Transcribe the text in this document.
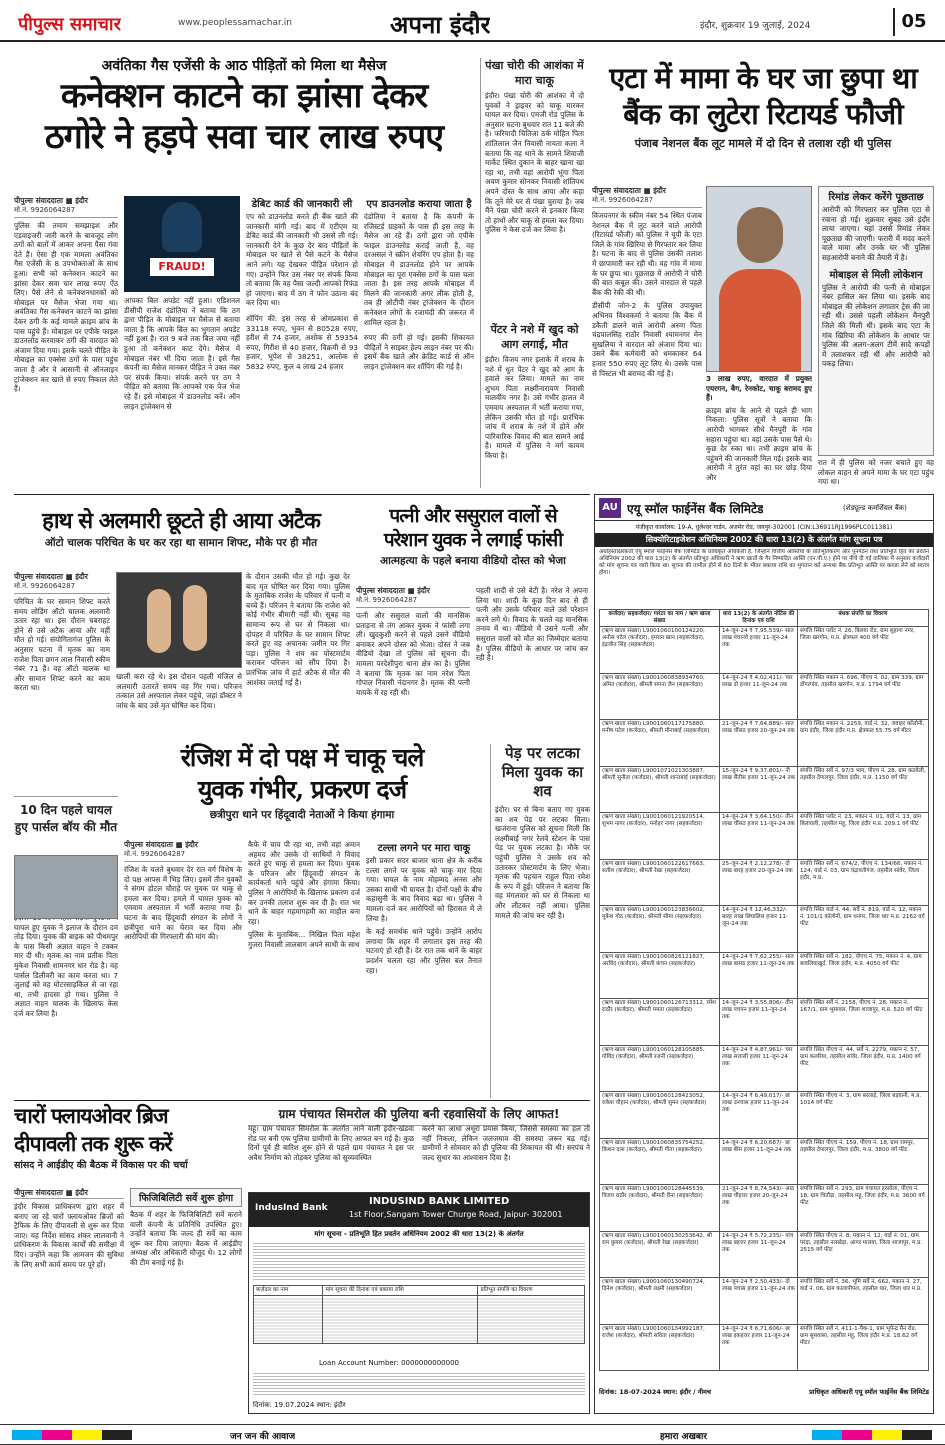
पीपुल्स समाचार	www.peoplessamachar.in	अपना इंदौर	इंदौर, शुक्रवार 19 जुलाई, 2024	05
अवंतिका गैस एजेंसी के आठ पीड़ितों को मिला था मैसेज
कनेक्शन काटने का झांसा देकर
ठगोरे ने हड़पे सवा चार लाख रुपए
पीपुल्स संवाददाता ■ इंदौर
मो.नं. 9926064287
पुलिस की तमाम समझाइश और एडवाइजरी जारी करने के बावजूद लोग ठगों को बातों में आकर अपना पैसा गंवा देते हैं। ऐसा ही एक मामला अवंतिका गैस एजेंसी के 8 उपभोक्ताओं के साथ हुआ। सभी को कनेक्शन काटने का झांसा देकर सवा चार लाख रुपए ऐंठ लिए। पैसे लेने से कनेक्शनधारकों को मोबाइल पर मैसेज भेजा गया था। अवंतिका गैस कनेक्शन काटने का झांसा देकर ठगी के कई मामले क्राइम ब्रांच के पास पहुंचे हैं। मोबाइल पर एपीके फाइल डाउनलोड करवाकर ठगी की वारदात को अंजाम दिया गया। इसके चलते पीड़ित के मोबाइल का एक्सेस ठगों के पास पहुंच जाता है और वे आसानी से ऑनलाइन ट्रांजेक्शन कर खाते से रुपए निकाल लेते हैं।
FRAUD!
आपका बिल अपडेट नहीं हुआ। एडिशनल डीसीपी राजेश दंडोतिया ने बताया कि ठग द्वारा पीड़ित के मोबाइल पर मैसेज से बताया जाता है कि आपके बिल का भुगतान अपडेट नहीं हुआ है। रात 9 बजे तक बिल जमा नहीं हुआ तो कनेक्शन काट देंगे। मैसेज में मोबाइल नंबर भी दिया जाता है। इसे गैस कंपनी का मैसेज मानकर पीड़ित ने उक्त नंबर पर संपर्क किया। संपर्क करने पर ठग ने पीड़ित को बताया कि आपको एक पेज भेज रहे हैं। इसे मोबाइल में डाउनलोड करें। ऑन लाइन ट्रांजेक्शन से
डेबिट कार्ड की जानकारी ली
एप को डाउनलोड करते ही बैंक खाते की जानकारी मांगी गई। बाद में एटीएम या डेबिट कार्ड की जानकारी भी उससे ली गई। जानकारी देने के कुछ देर बाद पीड़ितों के मोबाइल पर खाते से पैसे कटने के मैसेज आने लगे। यह देखकर पीड़ित परेशान हो गए। उन्होंने फिर उस नंबर पर संपर्क किया तो बताया कि वह पैसा जल्दी आपको रिफंड हो जाएगा। बाद में ठग ने फोन उठाना बंद कर दिया था।
शॉपिंग की: इस तरह से ओमप्रकाश से 33118 रुपए, भुवन से 80528 रुपए, हरीश से 74 हजार, अशोक से 59354 रुपए, गिरीश से 40 हजार, विक्रमी से 93 हजार, भूपेश से 38251, आलोक से 5832 रुपए, कुल 4 लाख 24 हजार
एप डाउनलोड कराया जाता है
दंडोतिया ने बताया है कि कंपनी के रजिस्टर्ड ग्राहकों के पास ही इस तरह के मैसेज आ रहे हैं। ठगों द्वारा जो एपीके फाइल डाउनलोड कराई जाती है, वह दरअसल ने स्क्रीन शेयरिंग एप होता है। वह मोबाइल में डाउनलोड होने पर आपके मोबाइल का पूरा एक्सेस ठगों के पास चला जाता है। इस तरह आपके मोबाइल में मिलने की जानकारी अगर लीक होती है, तब ही ओटीपी नंबर ट्रांजेक्शन के दौरान कनेक्शन लोगों के रजामंदी की जरूरत में शामिल रहता है।
रुपए की ठगी हो गई। इसकी शिकायत पीड़ितों ने साइबर हेल्प लाइन नंबर पर की। इसमें बैंक खाते और क्रेडिट कार्ड से ऑन लाइन ट्रांजेक्शन कर शॉपिंग की गई है।
पंखा चोरी की आशंका में मारा चाकू
इंदौर। पंखा चोरी की आशंका में दो युवकों ने ड्राइवर को चाकू मारकर घायल कर दिया। एमजी रोड पुलिस के अनुसार घटना बुधवार रात 11 बजे की है। फरियादी चितिजा ठर्क मोहित पिता शांतिलाल जैन निवासी नायता कला ने बताया कि वह थाने के सामने शिवाजी मार्केट स्थित दुकान के बाहर खाना खा रहा था, तभी वहां आरोपी भूंगा पिता अवण कुमार सोनकर निवासी शांतिपथ अपने दोस्त के साथ आया और कहा कि तूने मेरे घर से पंखा चुराया है। जब मैंने पंखा चोरी करने से इनकार किया तो हाथों और चाकू से हमला कर दिया। पुलिस ने केस दर्ज कर लिया है।
पेंटर ने नशे में खुद को आग लगाई, मौत
इंदौर। विजय नगर इलाके में शराब के नशे में धुत पेंटर ने खुद को आग के हवाले कर लिया। मामले का नाम शुभम पिता लक्ष्मीनारायण निवासी मालवीय नगर है। उसे गंभीर हालत में एमवाय अस्पताल में भर्ती कराया गया, लेकिन उसकी मौत हो गई। प्रारंभिक जांच में शराब के नशे में होने और पारिवारिक विवाद की बात सामने आई है। मामले में पुलिस ने मर्ग कायम किया है।
एटा में मामा के घर जा छुपा था
बैंक का लुटेरा रिटायर्ड फौजी
पंजाब नेशनल बैंक लूट मामले में दो दिन से तलाश रही थी पुलिस
पीपुल्स संवाददाता ■ इंदौर
मो.नं. 9926064287
विजयनगर के स्कीम नंबर 54 स्थित पंजाब नेशनल बैंक में लूट करने वाले आरोपी (रिटायर्ड फौजी) को पुलिस ने यूपी के एटा जिले के गांव खिरिया से गिरफ्तार कर लिया है। घटना के बाद से पुलिस उसकी तलाश में छापामारी कर रही थी। वह गांव में मामा के घर छुपा था। पूछताछ में आरोपी ने चोरी की बात कबूल की। उसने वारदात से पहले बैंक की रेकी की थी।
डीसीपी जोन-2 के पुलिस उपायुक्त अभिनय विश्वकर्मा ने बताया कि बैंक में डकैती डालने वाले आरोपी अरुण पिता चंद्रपालसिंह राठौर निवासी श्यामनगर मेन सुखलिया ने वारदात को अंजाम दिया था। उसने बैंक कर्मचारी को धमकाकर 64 हजार 550 रुपए लूट लिए थे। उसके पास से पिस्टल भी बरामद की गई है।
3 लाख रुपए, वारदात में प्रयुक्त एयरगन, बैग, रेनकोट, चाकू बरामद हुए हैं।
क्राइम ब्रांच के आने से पहले ही भाग निकला: पुलिस सूत्रों ने बताया कि आरोपी भागकर सीधे मैनपुरी के गांव सहारा पहुंचा था। वहां उसके पास पैसे थे। कुछ देर रुका था। तभी क्राइम ब्रांच के पहुंचने की जानकारी मिल गई। इसके बाद आरोपी ने तुरंत वहां का घर छोड़ दिया और
रिमांड लेकर करेंगे पूछताछ
आरोपी को गिरफ्तार कर पुलिस एटा से रवाना हो गई। शुक्रवार सुबह उसे इंदौर लाया जाएगा। यहां उससे रिमांड लेकर पूछताछ की जाएगी। फरारी में मदद करने वाले मामा और उनके घर भी पुलिस सहआरोपी बनाने की तैयारी में है।
मोबाइल से मिली लोकेशन
पुलिस ने आरोपी की पत्नी से मोबाइल नंबर हासिल कर लिया था। इसके बाद मोबाइल की लोकेशन लगातार ट्रेस की जा रही थी। उससे पहली लोकेशन मैनपुरी जिले की मिली थी। इसके बाद एटा के गांव खिरिया की लोकेशन के आधार पर पुलिस की अलग-अलग टीमें सादे कपड़ों में तलाशकर रही थीं और आरोपी को पकड़ लिया।
रात में ही पुलिस को नजर बचाते हुए वह लोकल वाहन से अपने मामा के घर एटा पहुंच गया था।
हाथ से अलमारी छूटते ही आया अटैक
ऑटो चालक परिचित के घर कर रहा था सामान शिफ्ट, मौके पर ही मौत
पीपुल्स संवाददाता ■ इंदौर
मो.नं. 9926064287
परिचित के घर सामान शिफ्ट करते समय लोडिंग ऑटो चालक अलमारी उतार रहा था। इस दौरान घबराहट होने से उसे अटैक आया और वहीं मौत हो गई। संयोगितागंज पुलिस के अनुसार घटना में मृतक का नाम राजेश पिता छगन लाल निवासी स्कीम नंबर 71 है। वह ऑटो चालक था और सामान शिफ्ट करने का काम करता था।
खाली करा रहे थे। इस दौरान पहली मंजिल से अलमारी उतारते समय वह गिर गया। परिजन तत्काल उसे अस्पताल लेकर पहुंचे, जहां डॉक्टर ने जांच के बाद उसे मृत घोषित कर दिया।
के दौरान उसकी मौत हो गई। कुछ देर बाद मृत घोषित कर दिया गया। पुलिस के मुताबिक राजेश के परिवार में पत्नी व बच्चे हैं। परिजन ने बताया कि राजेश को कोई गंभीर बीमारी नहीं थी। सुबह वह सामान्य रूप से घर से निकला था। दोपहर में परिचित के घर सामान शिफ्ट करते हुए वह अचानक जमीन पर गिर पड़ा। पुलिस ने शव का पोस्टमार्टम कराकर परिजन को सौंप दिया है। प्रारंभिक जांच में हार्ट अटैक से मौत की आशंका जताई गई है।
10 दिन पहले घायल हुए पार्सल बॉय की मौत
घायल हुए युवक ने इलाज के दौरान दम तोड़ दिया। युवक की बाइक को पीथमपुर के पास किसी अज्ञात वाहन ने टक्कर मार दी थी। मृतक का नाम प्रतीक पिता मुकेश निवासी शामनगर धार रोड है। वह पार्सल डिलीवरी का काम करता था। 7 जुलाई को वह मोटरसाइकिल से जा रहा था, तभी हादसा हो गया। पुलिस ने अज्ञात वाहन चालक के खिलाफ केस दर्ज कर लिया है।
पत्नी और ससुराल वालों से
परेशान युवक ने लगाई फांसी
आत्महत्या के पहले बनाया वीडियो दोस्त को भेजा
पीपुल्स संवाददाता ■ इंदौर
मो.नं. 9926064287
पत्नी और ससुराल वालों की मानसिक प्रताड़ना से तंग आकर युवक ने फांसी लगा ली। खुदकुशी करने से पहले उसने वीडियो बनाकर अपने दोस्त को भेजा। दोस्त ने जब वीडियो देखा तो पुलिस को सूचना दी। मामला परदेशीपुरा थाना क्षेत्र का है। पुलिस ने बताया कि मृतक का नाम नरेश पिता गोपाल निवासी नंदानगर है। मृतक की पत्नी मायके में रह रही थी।
पहली शादी से उसे बेटी है। नरेश ने अपना लिया था। शादी के कुछ दिन बाद से ही पत्नी और उसके परिवार वाले उसे परेशान करने लगे थे। विवाद के चलते वह मानसिक तनाव में था। वीडियो में उसने पत्नी और ससुराल वालों को मौत का जिम्मेदार बताया है। पुलिस वीडियो के आधार पर जांच कर रही है।
रंजिश में दो पक्ष में चाकू चले
युवक गंभीर, प्रकरण दर्ज
छत्रीपुरा थाने पर हिंदूवादी नेताओं ने किया हंगामा
पीपुल्स संवाददाता ■ इंदौर
मो.नं. 9926064287
रंजिश के चलते बुधवार देर रात वर्ग विशेष के दो पक्ष आपस में भिड़ लिए। इसमें तीन युवकों ने संगम होटल चौराहे पर युवक पर चाकू से हमला कर दिया। हमले में घायल युवक को एमवाय अस्पताल में भर्ती कराया गया है। घटना के बाद हिंदूवादी संगठन के लोगों ने छत्रीपुरा थाने का घेराव कर दिया और आरोपियों की गिरफ्तारी की मांग की।
कैफे में चाय पी रहा था, तभी वहां अमान अहमद और उसके दो साथियों ने विवाद करते हुए चाकू से हमला कर दिया। युवक के परिजन और हिंदूवादी संगठन के कार्यकर्ता थाने पहुंचे और हंगामा किया। पुलिस ने आरोपियों के खिलाफ प्रकरण दर्ज कर उनकी तलाश शुरू कर दी है। रात भर थाने के बाहर गहमागहमी का माहौल बना रहा।
पुलिस के मुताबिक... निखिल पिता महेश गुजरा निवासी लालबाग अपने साथी के साथ
टल्ला लगने पर मारा चाकू
इसी प्रकार सदर बाजार थाना क्षेत्र के करीब टल्ला लगने पर युवक को चाकू मार दिया गया। घायल के नाम मोहम्मद अनस और उसका साथी भी घायल है। दोनों पक्षों के बीच कहासुनी के बाद विवाद बढ़ा था। पुलिस ने मामला दर्ज कर आरोपियों को हिरासत में ले लिया है।
के कई समर्थक थाने पहुंचे। उन्होंने आरोप लगाया कि शहर में लगातार इस तरह की घटनाएं हो रही हैं। देर रात तक थाने के बाहर प्रदर्शन चलता रहा और पुलिस बल तैनात रहा।
पेड़ पर लटका मिला युवक का शव
इंदौर। घर से बिना बताए गए युवक का शव पेड़ पर लटका मिला। खजराना पुलिस को सूचना मिली कि लक्ष्मीबाई नगर रेलवे स्टेशन के पास पेड़ पर युवक लटका है। मौके पर पहुंची पुलिस ने उसके शव को उतारकर पोस्टमार्टम के लिए भेजा। मृतक की पहचान राहुल पिता रमेश के रूप में हुई। परिजन ने बताया कि वह मंगलवार को घर से निकला था और लौटकर नहीं आया। पुलिस मामले की जांच कर रही है।
चारों फ्लायओवर ब्रिज
दीपावली तक शुरू करें
सांसद ने आईडीए की बैठक में विकास पर की चर्चा
पीपुल्स संवाददाता ■ इंदौर
इंदौर विकास प्राधिकरण द्वारा शहर में बनाए जा रहे चारों फ्लायओवर ब्रिजों को ट्रैफिक के लिए दीपावली से शुरू कर दिया जाए। यह निर्देश सांसद शंकर लालवानी ने प्राधिकरण के विकास कार्यों की समीक्षा में दिए। उन्होंने कहा कि आमजन की सुविधा के लिए सभी कार्य समय पर पूरे हों।
फिजिबिलिटी सर्वे शुरू होगा
बैठक में शहर के फिजिबिलिटी सर्वे कराने वाली कंपनी के प्रतिनिधि उपस्थित हुए। उन्होंने बताया कि जल्द ही सर्वे का काम शुरू कर दिया जाएगा। बैठक में आईडीए अध्यक्ष और अधिकारी मौजूद थे। 12 लोगों की टीम बनाई गई है।
ग्राम पंचायत सिमरोल की पुलिया बनी रहवासियों के लिए आफत!
महू। ग्राम पंचायत सिमरोल के अंतर्गत आने वाली इंदौर-खंडवा रोड पर बनी एक पुलिया ग्रामीणों के लिए आफत बन गई है। कुछ दिनों पूर्व ही बारिश शुरू होने से पहले ग्राम पंचायत ने इस पर अवैध निर्माण को तोड़कर पुलिया को सुव्यवस्थित
करने का आधा अधूरा प्रयास किया, जिससे समस्या का हल तो नहीं निकला, लेकिन जलजमाव की समस्या जरूर बढ़ गई। ग्रामीणों ने सोमवार को ही पुलिया की शिकायत की थी। सरपंच ने जल्द सुधार का आश्वासन दिया है।
IndusInd Bank
INDUSIND BANK LIMITED
1st Floor,Sangam Tower Churge Road, Jaipur- 302001
मांग सूचना - प्रतिभूति हित प्रवर्तन अधिनियम 2002 की धारा 13(2) के अंतर्गत
कर्ज़दार का नाम	मांग सूचना की दिनांक एवं बकाया राशि	प्रतिभूत संपत्ति का विवरण

Loan Account Number: 0000000000000
दिनांक: 19.07.2024 स्थान: इंदौर
AU एयू स्मॉल फाईनेंस बैंक लिमिटेड	(शेड्यूल्ड कमर्शियल बैंक)
पंजीकृत कार्यालय: 19-A, धुलेश्वर गार्डन, अजमेर रोड, जयपुर-302001 (CIN:L36911RJ1996PLC011381)
सिक्योरिटाइजेशन अधिनियम 2002 की धारा 13(2) के अंतर्गत मांग सूचना पत्र
अधोहस्ताक्षरकर्ता एयू स्मॉल फाईनेंस बैंक लिमिटेड के प्राधिकृत अधिकारी है, जिन्होंने वित्तीय आस्तियों के प्रतिभूतिकरण और पुनर्गठन तथा प्रतिभूति हित का प्रवर्तन अधिनियम 2002 की धारा 13(2) के अंतर्गत प्रतिभूत अधिकारी ने ऋण खातों के गैर निष्पादित आस्ति (एन.पी.ए.) होने पर नीचे दी गई तालिका में अनुसार कर्जदारों को मांग सूचना पत्र जारी किया था। सूचना की तामील होने से 60 दिनों के भीतर बकाया राशि का भुगतान करें अन्यथा बैंक प्रतिभूत आस्ति पर कब्जा लेने को स्वतंत्र होगा।
कर्जदार/ सहकर्जदार/ गारंटर का नाम / ऋण खाता संख्या	धारा 13(2) के अंतर्गत नोटिस की दिनांक एवं राशि	बंधक संपत्ति का विवरण
(ऋण खाता संख्या) L9001060100124220, अनीस पटेल (कर्जदार), इमरान खान (सहकर्जदार), इंद्रजीत सिंह (सहकर्जदार)	14-जून-24 ₹ 7,95,539/- सात लाख पंचानवे हजार 11-जून-24 तक	संपत्ति स्थित प्लॉट नं. 26, बिलवा रोड, ग्राम सुहागा नगर, जिला खरगोन, म.प्र. क्षेत्रफल 400 वर्ग फीट
(ऋण खाता संख्या) L9001060838934760, अमित (कर्जदार), श्रीमती सपना जैन (सहकर्जदार)	14-जून-24 ₹ 4,02,411/- चार लाख दो हजार 11-जून-24 तक	संपत्ति स्थित मकान नं. 696, पीएच नं. 02, ग्राम 339, ग्राम डोंगरगांव, तहसील खरगोन, म.प्र. 1794 वर्ग फीट
(ऋण खाता संख्या) L9001060117175880, मनीष पटेल (कर्जदार), श्रीमती मीनाबाई (सहकर्जदार)	21-जून-24 ₹ 7,64,889/- सात लाख चौंसठ हजार 20-जून-24 तक	संपत्ति स्थित मकान नं. 2259, वार्ड नं. 32, जवाहर कॉलोनी, ग्राम इंदौर, जिला इंदौर म.प्र. क्षेत्रफल 55.75 वर्ग मीटर
(ऋण खाता संख्या) L9001071021303887, श्रीमती सुनीता (कर्जदार), श्रीमती शान्तबाई (सहकर्जदार)	15-जून-24 ₹ 9,37,801/- नौ लाख सैंतीस हजार 11-जून-24 तक	संपत्ति स्थित सर्वे नं. 97/3 भाग, पीएच नं. 28, ग्राम कठवेली, तहसील देपालपुर, जिला इंदौर, म.प्र. 1150 वर्ग फीट
(ऋण खाता संख्या) L9001060121920514, शुभम नागर (कर्जदार), मनोहर नागर (सहकर्जदार)	14-जून-24 ₹ 3,64,150/- तीन लाख चौंसठ हजार 11-जून-24 तक	संपत्ति स्थित प्लॉट नं. 23, मकान नं. 01, वार्ड नं. 13, ग्राम बिलावली, तहसील महू, जिला इंदौर म.प्र. 209.1 वर्ग फीट
(ऋण खाता संख्या) L9001060122617663, सतीश (कर्जदार), श्रीमती रेखा (सहकर्जदार)	25-जून-24 ₹ 2,12,278/- दो लाख बारह हजार 20-जून-24 तक	संपत्ति स्थित सर्वे नं. 674/2, पीएच नं. 134/66, मकान नं. 124, वार्ड नं. 03, ग्राम चंद्रावतीगंज, तहसील सांवेर, जिला इंदौर, म.प्र.
(ऋण खाता संख्या) L9001060123836602, मुकेश गोठ (कर्जदार), श्रीमती सीमा (सहकर्जदार)	14-जून-24 ₹ 12,46,332/- बारह लाख छियालिस हजार 11-जून-24 तक	संपत्ति स्थित वार्ड नं. 44, सर्वे नं. 819, वार्ड नं. 12, मकान नं. 101/1 कॉलोनी, ग्राम धनगर, जिला धार म.प्र. 2162 वर्ग फीट
(ऋण खाता संख्या) L9001060826121827, अरविंद (कर्जदार), श्रीमती कंचन (सहकर्जदार)	14-जून-24 ₹ 7,62,255/- सात लाख बासठ हजार 11-जून-24 तक	संपत्ति स्थित सर्वे नं. 182, पीएच नं. 75, मकान नं. 4, ग्राम बावलियाखुर्द, जिला इंदौर, म.प्र. 4050 वर्ग फीट
(ऋण खाता संख्या) L9001060126713312, रमेश राठौर (कर्जदार), श्रीमती ममता (सहकर्जदार)	14-जून-24 ₹ 3,55,806/- तीन लाख पचपन हजार 11-जून-24 तक	संपत्ति स्थित सर्वे नं. 2158, पीएच नं. 28, मकान नं. 167/1, ग्राम भुसावल, जिला शाजापुर, म.प्र. 520 वर्ग फीट
(ऋण खाता संख्या) L9001060128105885, गोविंद (कर्जदार), श्रीमती रजनी (सहकर्जदार)	14-जून-24 ₹ 4,87,961/- चार लाख सत्तासी हजार 11-जून-24 तक	संपत्ति स्थित पीएच नं. 44, सर्वे नं. 2279, मकान नं. 57, ग्राम कलरिया, तहसील सांवेर, जिला इंदौर, म.प्र. 1400 वर्ग फीट
(ऋण खाता संख्या) L9001060128423052, राकेश चौहान (कर्जदार), श्रीमती सुमन (सहकर्जदार)	14-जून-24 ₹ 6,49,017/- छः लाख उनचास हजार 11-जून-24 तक	संपत्ति स्थित पीएच नं. 3, ग्राम बरलाई, जिला बड़वानी, म.प्र. 1014 वर्ग फीट
(ऋण खाता संख्या) L9001060835754252, किशन दास (कर्जदार), श्रीमती गीता (सहकर्जदार)	14-जून-24 ₹ 6,20,687/- छः लाख बीस हजार 11-जून-24 तक	संपत्ति स्थित पीएच नं. 159, पीएच नं. 18, ग्राम रामपुर, तहसील देपालपुर, जिला इंदौर, म.प्र. 3800 वर्ग फीट
(ऋण खाता संख्या) L9001060128445539, विजय राठौर (कर्जदार), श्रीमती रीना (सहकर्जदार)	21-जून-24 ₹ 8,74,543/- आठ लाख चौहत्तर हजार 20-जून-24 तक	संपत्ति स्थित सर्वे नं. 293, ग्राम पंचायत हरसोला, पीएच नं. 18, ग्राम चितौड़ा, तहसील महू, जिला इंदौर, म.प्र. 3600 वर्ग फीट
(ऋण खाता संख्या) L9001060130253642, श्री राम कुमार (कर्जदार), श्रीमती रेखा (सहकर्जदार)	14-जून-24 ₹ 5,72,235/- पांच लाख बहत्तर हजार 11-जून-24 तक	संपत्ति स्थित पीएच नं. 8, मकान नं. 12, वार्ड नं. 01, ग्राम परदा, तहसील नलखेड़ा, आगर मालवा, जिला शाजापुर, म.प्र. 2515 वर्ग फीट
(ऋण खाता संख्या) L9001060130490724, दिनेश (कर्जदार), श्रीमती लक्ष्मी (सहकर्जदार)	14-जून-24 ₹ 2,50,433/- दो लाख पचास हजार 11-जून-24 तक	संपत्ति स्थित सर्वे नं. 36, भूमि सर्वे नं. 662, मकान नं. 27, वार्ड नं. 06, ग्राम कालापीपल, तहसील धार, जिला धार म.प्र.
(ऋण खाता संख्या) L9001060134992187, राजेश (कर्जदार), श्रीमती सविता (सहकर्जदार)	14-जून-24 ₹ 6,71,606/- छः लाख इकहत्तर हजार 11-जून-24 तक	संपत्ति स्थित सर्वे नं. 411-1-पैक-1, ग्राम भूपेन्द्र मैन रोड, ग्राम सुसवासा, तहसील महू, जिला इंदौर म.प्र. 18.62 वर्ग मीटर
दिनांक: 18-07-2024 स्थान: इंदौर / नीमच	प्राधिकृत अधिकारी एयू स्मॉल फाईनेंस बैंक लिमिटेड
जन जन की आवाज	हमारा अखबार
